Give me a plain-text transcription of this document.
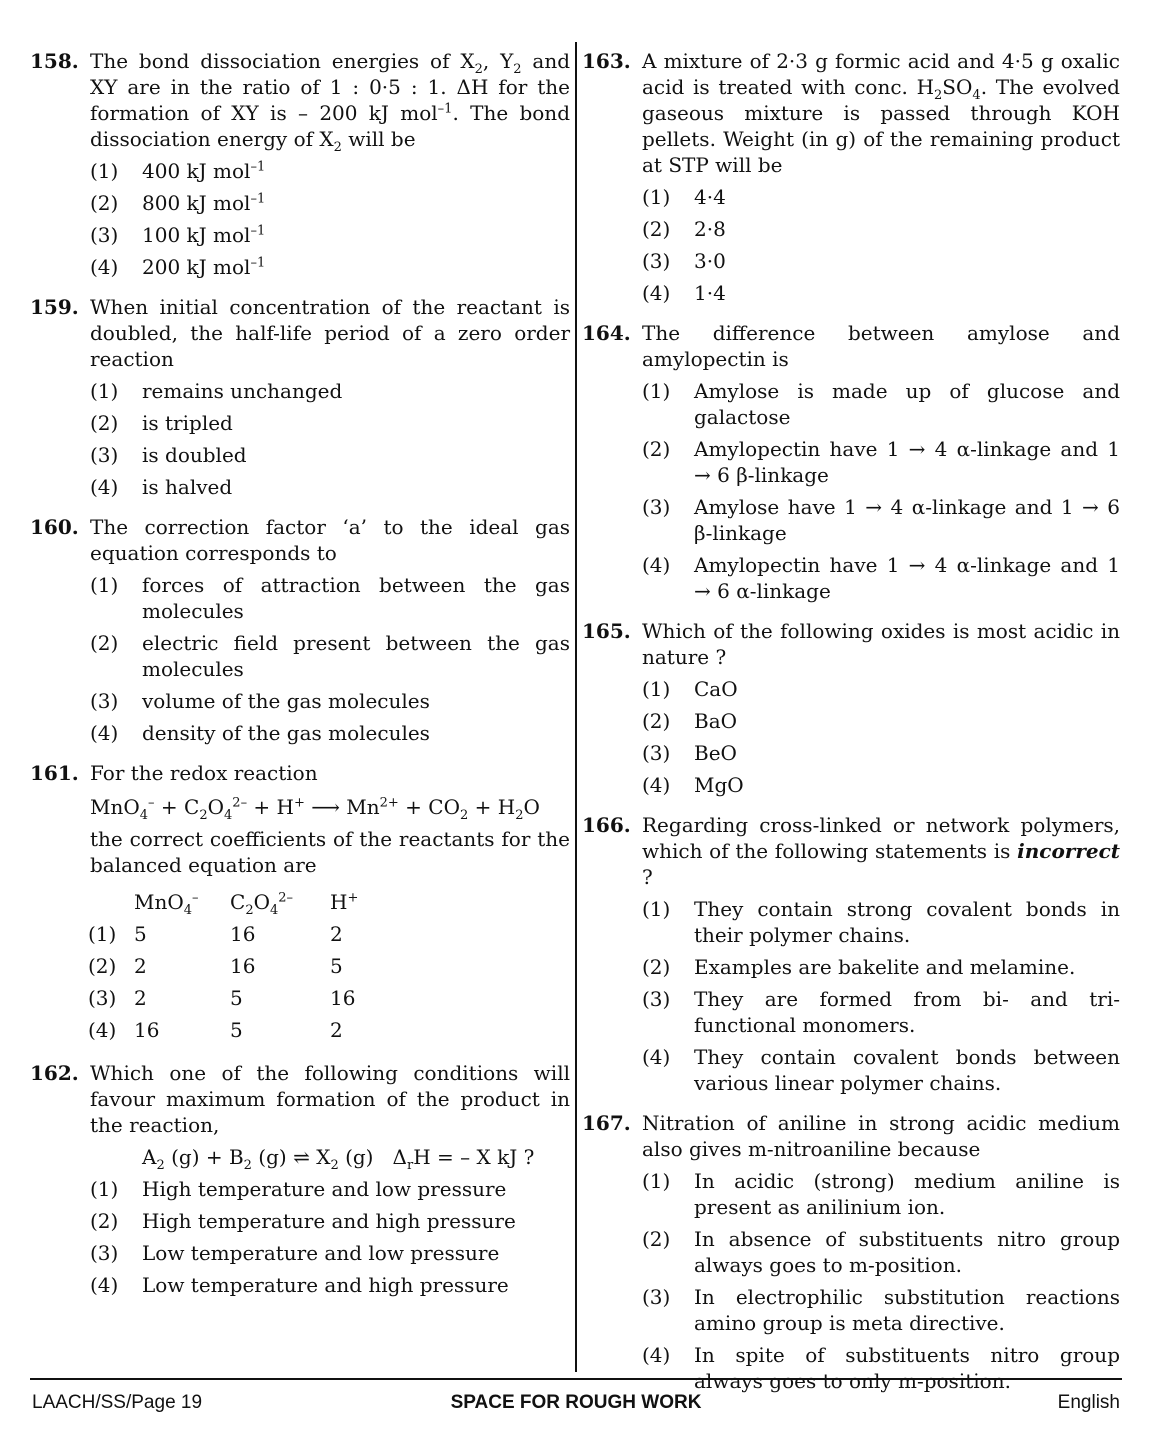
158. The bond dissociation energies of $X_2$, $Y_2$ and XY are in the ratio of 1 : 0·5 : 1. ΔH for the formation of XY is – 200 kJ mol$^{-1}$. The bond dissociation energy of $X_2$ will be
(1) 400 kJ mol$^{-1}$
(2) 800 kJ mol$^{-1}$
(3) 100 kJ mol$^{-1}$
(4) 200 kJ mol$^{-1}$
159. When initial concentration of the reactant is doubled, the half-life period of a zero order reaction
(1) remains unchanged
(2) is tripled
(3) is doubled
(4) is halved
160. The correction factor ‘a’ to the ideal gas equation corresponds to
(1) forces of attraction between the gas molecules
(2) electric field present between the gas molecules
(3) volume of the gas molecules
(4) density of the gas molecules
161. For the redox reaction
$MnO_4^- + C_2O_4^{2-} + H^+$ ⟶ $Mn^{2+} + CO_2 + H_2O$
the correct coefficients of the reactants for the balanced equation are
	MnO$_4$–	$C_2O_4^{2-}$	H+
(1)	5	16	2
(2)	2	16	5
(3)	2	5	16
(4)	16	5	2
162. Which one of the following conditions will favour maximum formation of the product in the reaction,
$A_2$ $(g) + B_2$ (g) ⇌ $X_2$ (g)   $\Delta_rH$ = – X kJ ?
(1) High temperature and low pressure
(2) High temperature and high pressure
(3) Low temperature and low pressure
(4) Low temperature and high pressure
163. A mixture of 2·3 g formic acid and 4·5 g oxalic acid is treated with conc. $H_2SO_4$. The evolved gaseous mixture is passed through KOH pellets. Weight (in g) of the remaining product at STP will be
(1) 4·4
(2) 2·8
(3) 3·0
(4) 1·4
164. The difference between amylose and amylopectin is
(1) Amylose is made up of glucose and galactose
(2) Amylopectin have 1 → 4 α-linkage and 1 → 6 β-linkage
(3) Amylose have 1 → 4 α-linkage and 1 → 6 β-linkage
(4) Amylopectin have 1 → 4 α-linkage and 1 → 6 α-linkage
165. Which of the following oxides is most acidic in nature ?
(1) CaO
(2) BaO
(3) BeO
(4) MgO
166. Regarding cross-linked or network polymers, which of the following statements is incorrect ?
(1) They contain strong covalent bonds in their polymer chains.
(2) Examples are bakelite and melamine.
(3) They are formed from bi- and tri-functional monomers.
(4) They contain covalent bonds between various linear polymer chains.
167. Nitration of aniline in strong acidic medium also gives m-nitroaniline because
(1) In acidic (strong) medium aniline is present as anilinium ion.
(2) In absence of substituents nitro group always goes to m-position.
(3) In electrophilic substitution reactions amino group is meta directive.
(4) In spite of substituents nitro group always goes to only m-position.
LAACH/SS/Page 19	SPACE FOR ROUGH WORK	English
